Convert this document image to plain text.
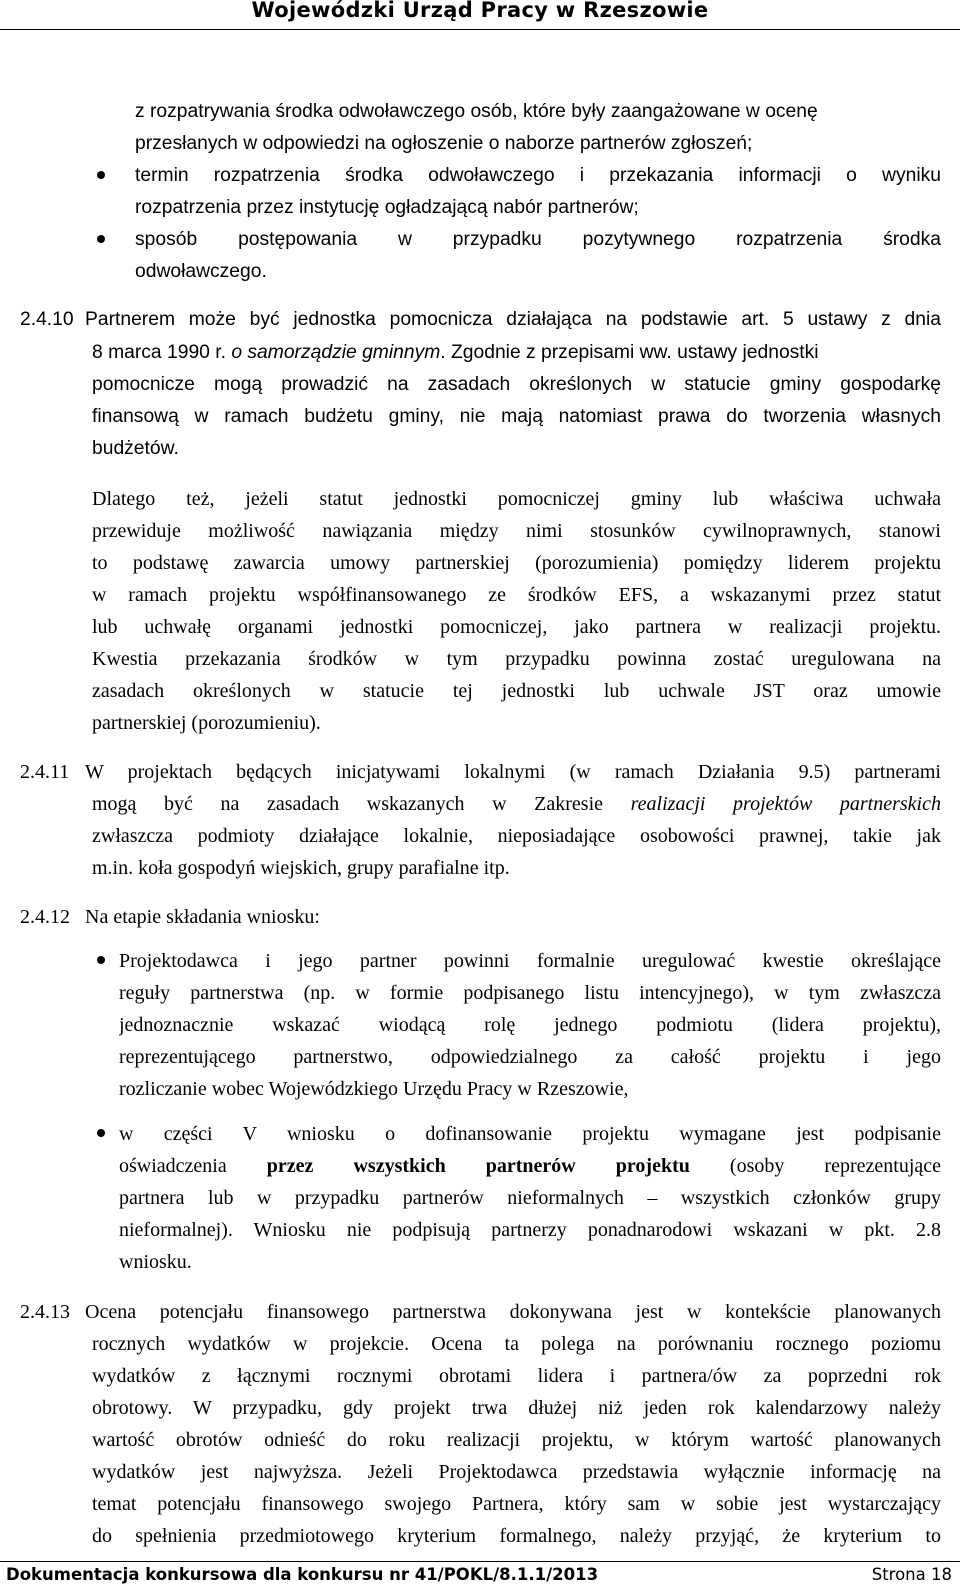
Wojewódzki Urząd Pracy w Rzeszowie
z rozpatrywania środka odwoławczego osób, które były zaangażowane w ocenę
przesłanych w odpowiedzi na ogłoszenie o naborze partnerów zgłoszeń;
termin rozpatrzenia środka odwoławczego i przekazania informacji o wyniku
rozpatrzenia przez instytucję ogładzającą nabór partnerów;
sposób postępowania w przypadku pozytywnego rozpatrzenia środka
odwoławczego.
2.4.10 Partnerem może być jednostka pomocnicza działająca na podstawie art. 5 ustawy z dnia
8 marca 1990 r. o samorządzie gminnym. Zgodnie z przepisami ww. ustawy jednostki
pomocnicze mogą prowadzić na zasadach określonych w statucie gminy gospodarkę
finansową w ramach budżetu gminy, nie mają natomiast prawa do tworzenia własnych
budżetów.
Dlatego też, jeżeli statut jednostki pomocniczej gminy lub właściwa uchwała
przewiduje możliwość nawiązania między nimi stosunków cywilnoprawnych, stanowi
to podstawę zawarcia umowy partnerskiej (porozumienia) pomiędzy liderem projektu
w ramach projektu współfinansowanego ze środków EFS, a wskazanymi przez statut
lub uchwałę organami jednostki pomocniczej, jako partnera w realizacji projektu.
Kwestia przekazania środków w tym przypadku powinna zostać uregulowana na
zasadach określonych w statucie tej jednostki lub uchwale JST oraz umowie
partnerskiej (porozumieniu).
2.4.11 W projektach będących inicjatywami lokalnymi (w ramach Działania 9.5) partnerami
mogą być na zasadach wskazanych w Zakresie realizacji projektów partnerskich
zwłaszcza podmioty działające lokalnie, nieposiadające osobowości prawnej, takie jak
m.in. koła gospodyń wiejskich, grupy parafialne itp.
2.4.12 Na etapie składania wniosku:
Projektodawca i jego partner powinni formalnie uregulować kwestie określające
reguły partnerstwa (np. w formie podpisanego listu intencyjnego), w tym zwłaszcza
jednoznacznie wskazać wiodącą rolę jednego podmiotu (lidera projektu),
reprezentującego partnerstwo, odpowiedzialnego za całość projektu i jego
rozliczanie wobec Wojewódzkiego Urzędu Pracy w Rzeszowie,
w części V wniosku o dofinansowanie projektu wymagane jest podpisanie
oświadczenia przez wszystkich partnerów projektu (osoby reprezentujące
partnera lub w przypadku partnerów nieformalnych – wszystkich członków grupy
nieformalnej). Wniosku nie podpisują partnerzy ponadnarodowi wskazani w pkt. 2.8
wniosku.
2.4.13 Ocena potencjału finansowego partnerstwa dokonywana jest w kontekście planowanych
rocznych wydatków w projekcie. Ocena ta polega na porównaniu rocznego poziomu
wydatków z łącznymi rocznymi obrotami lidera i partnera/ów za poprzedni rok
obrotowy. W przypadku, gdy projekt trwa dłużej niż jeden rok kalendarzowy należy
wartość obrotów odnieść do roku realizacji projektu, w którym wartość planowanych
wydatków jest najwyższa. Jeżeli Projektodawca przedstawia wyłącznie informację na
temat potencjału finansowego swojego Partnera, który sam w sobie jest wystarczający
do spełnienia przedmiotowego kryterium formalnego, należy przyjąć, że kryterium to
Dokumentacja konkursowa dla konkursu nr 41/POKL/8.1.1/2013	Strona 18
